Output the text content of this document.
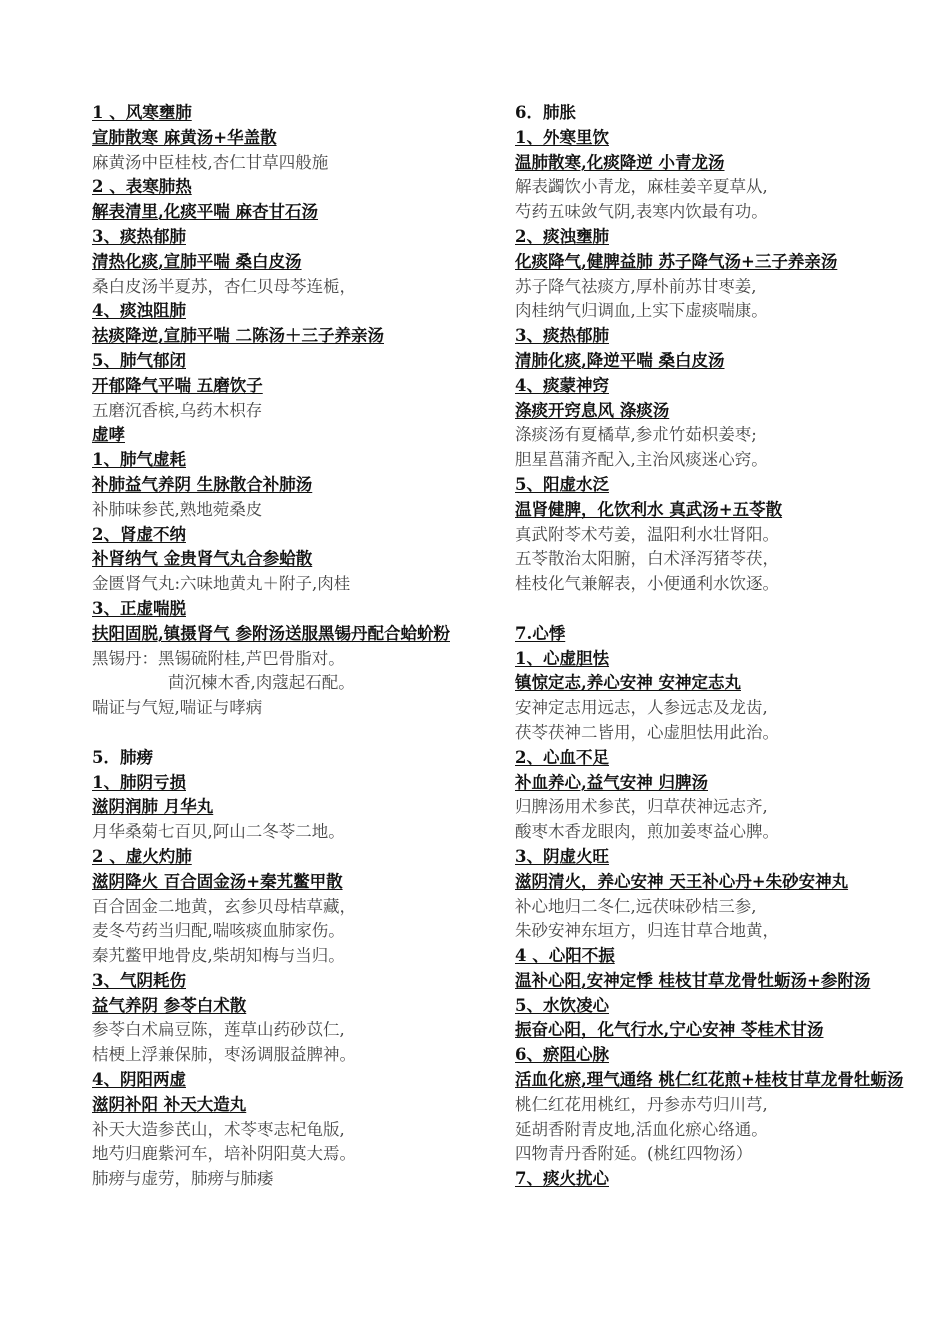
1 、风寒壅肺
宣肺散寒 麻黄汤+华盖散
麻黄汤中臣桂枝,杏仁甘草四般施
2 、表寒肺热
解表清里,化痰平喘 麻杏甘石汤
3、痰热郁肺
清热化痰,宣肺平喘 桑白皮汤
桑白皮汤半夏苏，杏仁贝母芩连栀，
4、痰浊阻肺
祛痰降逆,宣肺平喘 二陈汤＋三子养亲汤
5、肺气郁闭
开郁降气平喘 五磨饮子
五磨沉香槟,乌药木枳存
虚哮
1、肺气虚耗
补肺益气养阴 生脉散合补肺汤
补肺味参芪,熟地菀桑皮
2、肾虚不纳
补肾纳气 金贵肾气丸合参蛤散
金匮肾气丸:六味地黄丸＋附子,肉桂
3、正虚喘脱
扶阳固脱,镇摄肾气 参附汤送服黑锡丹配合蛤蚧粉
黑锡丹：黑锡硫附桂,芦巴骨脂对。
茴沉楝木香,肉蔻起石配。
喘证与气短,喘证与哮病
5．肺痨
1、肺阴亏损
滋阴润肺 月华丸
月华桑菊七百贝,阿山二冬苓二地。
2 、虚火灼肺
滋阴降火 百合固金汤+秦艽鳖甲散
百合固金二地黄，玄参贝母桔草藏，
麦冬芍药当归配,喘咳痰血肺家伤。
秦艽鳖甲地骨皮,柴胡知梅与当归。
3、气阴耗伤
益气养阴 参苓白术散
参苓白术扁豆陈，莲草山药砂苡仁,
桔梗上浮兼保肺，枣汤调服益脾神。
4、阴阳两虚
滋阴补阳 补天大造丸
补天大造参芪山，术苓枣志杞龟版,
地芍归鹿紫河车，培补阴阳莫大焉。
肺痨与虚劳，肺痨与肺痿
6．肺胀
1、外寒里饮
温肺散寒,化痰降逆 小青龙汤
解表蠲饮小青龙，麻桂姜辛夏草从,
芍药五味敛气阴,表寒内饮最有功。
2、痰浊壅肺
化痰降气,健脾益肺 苏子降气汤+三子养亲汤
苏子降气祛痰方,厚朴前苏甘枣姜,
肉桂纳气归调血,上实下虚痰喘康。
3、痰热郁肺
清肺化痰,降逆平喘 桑白皮汤
4、痰蒙神窍
涤痰开窍息风 涤痰汤
涤痰汤有夏橘草,参朮竹茹枳姜枣;
胆星菖蒲齐配入,主治风痰迷心窍。
5、阳虚水泛
温肾健脾，化饮利水 真武汤+五苓散
真武附苓术芍姜，温阳利水壮肾阳。
五苓散治太阳腑，白术泽泻猪苓茯，
桂枝化气兼解表，小便通利水饮逐。
7.心悸
1、心虚胆怯
镇惊定志,养心安神 安神定志丸
安神定志用远志，人参远志及龙齿,
茯苓茯神二皆用，心虚胆怯用此治。
2、心血不足
补血养心,益气安神 归脾汤
归脾汤用术参芪，归草茯神远志齐,
酸枣木香龙眼肉，煎加姜枣益心脾。
3、阴虚火旺
滋阴清火，养心安神 天王补心丹+朱砂安神丸
补心地归二冬仁,远茯味砂桔三参,
朱砂安神东垣方，归连甘草合地黄，
4 、心阳不振
温补心阳,安神定悸 桂枝甘草龙骨牡蛎汤+参附汤
5、水饮凌心
振奋心阳，化气行水,宁心安神 苓桂术甘汤
6、瘀阻心脉
活血化瘀,理气通络 桃仁红花煎+桂枝甘草龙骨牡蛎汤
桃仁红花用桃红，丹参赤芍归川芎,
延胡香附青皮地,活血化瘀心络通。
四物青丹香附延。(桃红四物汤）
7、痰火扰心
